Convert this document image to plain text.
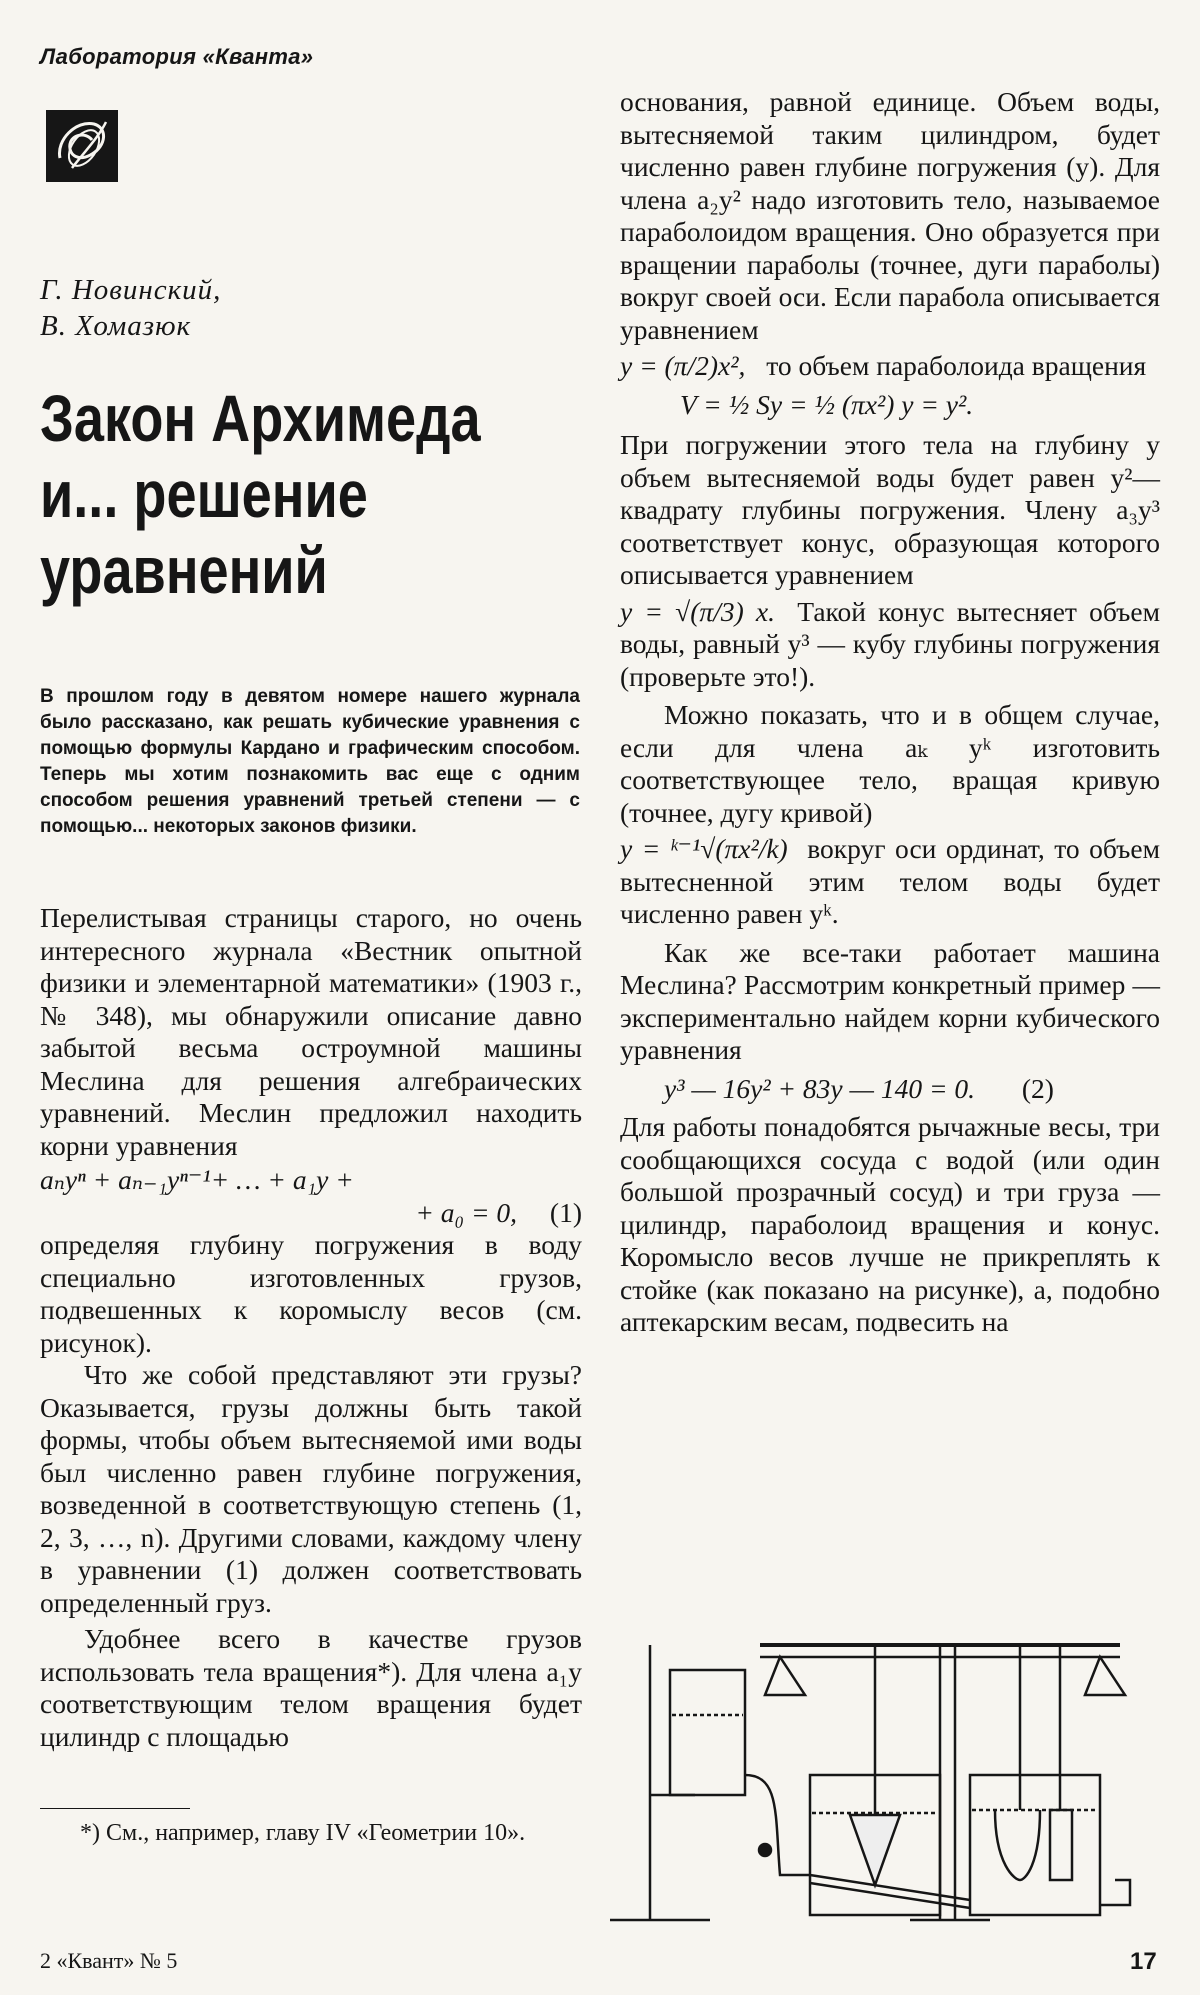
Лаборатория «Кванта»
Г. Новинский,
В. Хомазюк
Закон Архимеда
и... решение
уравнений
В прошлом году в девятом номере нашего журнала было рассказано, как решать кубические уравнения с помощью формулы Кардано и графическим способом. Теперь мы хотим познакомить вас еще с одним способом решения уравнений третьей степени — с помощью... некоторых законов физики.

Перелистывая страницы старого, но очень интересного журнала «Вестник опытной физики и элементарной математики» (1903 г., № 348), мы обнаружили описание давно забытой весьма остроумной машины Меслина для решения алгебраических уравнений. Меслин предложил находить корни уравнения

aₙyⁿ + aₙ₋₁yⁿ⁻¹+ … + a₁y +
+ a₀ = 0, (1)

определяя глубину погружения в воду специально изготовленных грузов, подвешенных к коромыслу весов (см. рисунок).

Что же собой представляют эти грузы? Оказывается, грузы должны быть такой формы, чтобы объем вытесняемой ими воды был численно равен глубине погружения, возведенной в соответствующую степень (1, 2, 3, …, n). Другими словами, каждому члену в уравнении (1) должен соответствовать определенный груз.

Удобнее всего в качестве грузов использовать тела вращения*). Для члена a₁y соответствующим телом вращения будет цилиндр с площадью

*) См., например, главу IV «Геометрии 10».

основания, равной единице. Объем воды, вытесняемой таким цилиндром, будет численно равен глубине погружения (y). Для члена a₂y² надо изготовить тело, называемое параболоидом вращения. Оно образуется при вращении параболы (точнее, дуги параболы) вокруг своей оси. Если парабола описывается уравнением

y = (π/2)x², то объем параболоида вращения
V = ½ Sy = ½ (πx²) y = y².

При погружении этого тела на глубину y объем вытесняемой воды будет равен y²— квадрату глубины погружения. Члену a₃y³ соответствует конус, образующая которого описывается уравнением

y = √(π/3) x. Такой конус вытесняет объем воды, равный y³ — кубу глубины погружения (проверьте это!).

Можно показать, что и в общем случае, если для члена aₖ yᵏ изготовить соответствующее тело, вращая кривую (точнее, дугу кривой)

y = ᵏ⁻¹√(πx²/k) вокруг оси ординат, то объем вытесненной этим телом воды будет численно равен yᵏ.

Как же все-таки работает машина Меслина? Рассмотрим конкретный пример — экспериментально найдем корни кубического уравнения

y³ — 16y² + 83y — 140 = 0. (2)

Для работы понадобятся рычажные весы, три сообщающихся сосуда с водой (или один большой прозрачный сосуд) и три груза — цилиндр, параболоид вращения и конус. Коромысло весов лучше не прикреплять к стойке (как показано на рисунке), а, подобно аптекарским весам, подвесить на

2 «Квант» № 5	17
